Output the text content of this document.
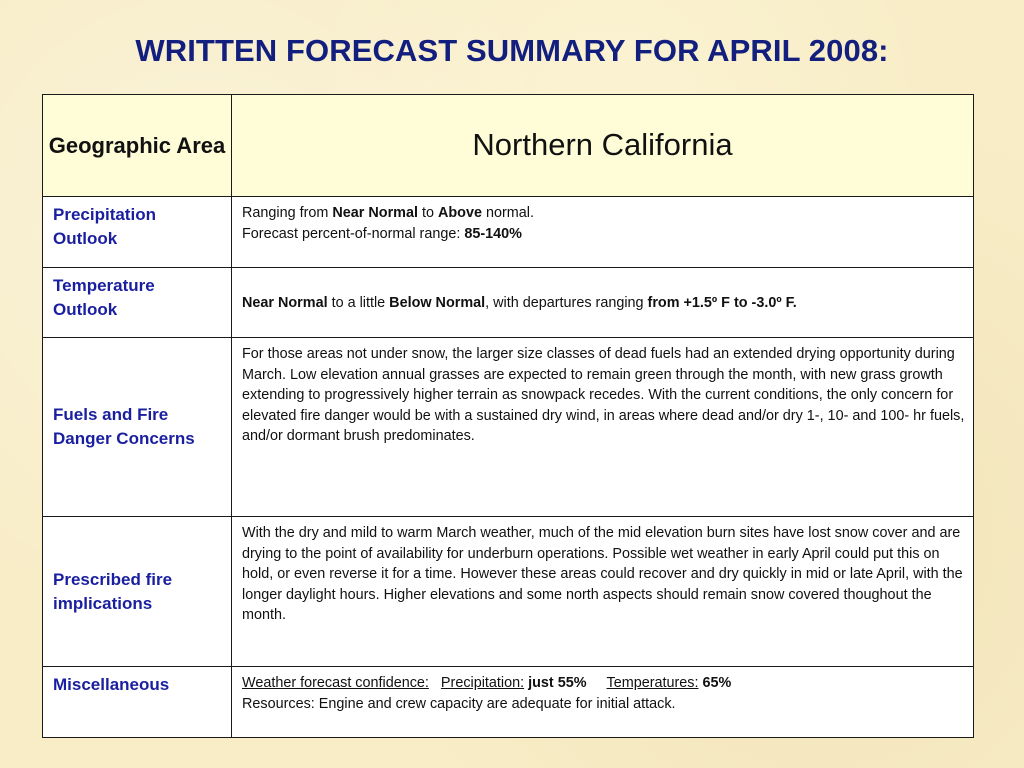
WRITTEN FORECAST SUMMARY FOR APRIL 2008:
Geographic Area	Northern California

Precipitation Outlook	Ranging from Near Normal to Above normal.
Forecast percent-of-normal range: 85-140%

Temperature Outlook	Near Normal to a little Below Normal, with departures ranging from +1.5º F to -3.0º F.

Fuels and Fire Danger Concerns	For those areas not under snow, the larger size classes of dead fuels had an extended drying opportunity during March. Low elevation annual grasses are expected to remain green through the month, with new grass growth extending to progressively higher terrain as snowpack recedes. With the current conditions, the only concern for elevated fire danger would be with a sustained dry wind, in areas where dead and/or dry 1-, 10- and 100- hr fuels, and/or dormant brush predominates.

Prescribed fire implications	With the dry and mild to warm March weather, much of the mid elevation burn sites have lost snow cover and are drying to the point of availability for underburn operations. Possible wet weather in early April could put this on hold, or even reverse it for a time. However these areas could recover and dry quickly in mid or late April, with the longer daylight hours. Higher elevations and some north aspects should remain snow covered thoughout the month.

Miscellaneous	Weather forecast confidence: Precipitation: just 55% Temperatures: 65%
Resources: Engine and crew capacity are adequate for initial attack.
